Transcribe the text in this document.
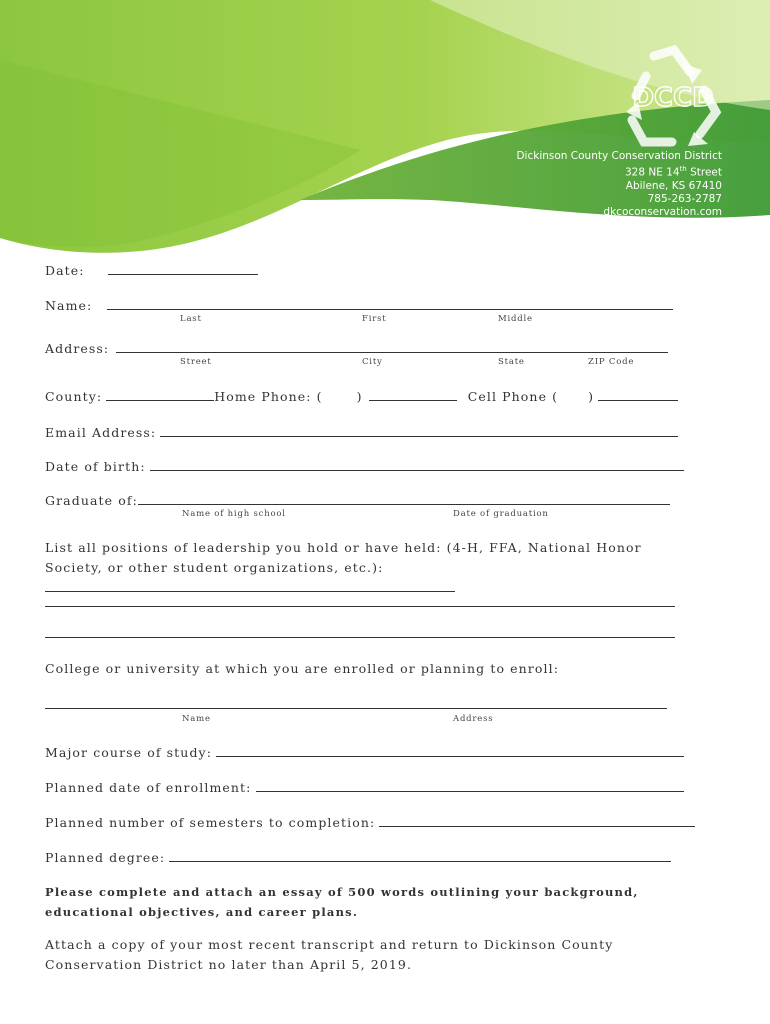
DCCD
Dickinson County Conservation District
328 NE 14th Street
Abilene, KS 67410
785-263-2787
dkcoconservation.com
Date:
Name:
Last	First	Middle
Address:
Street	City	State	ZIP Code
County:	Home Phone: (	)	Cell Phone ( )
Email Address:
Date of birth:
Graduate of:
Name of high school	Date of graduation
List all positions of leadership you hold or have held: (4-H, FFA, National Honor Society, or other student organizations, etc.):
College or university at which you are enrolled or planning to enroll:
Name	Address
Major course of study:
Planned date of enrollment:
Planned number of semesters to completion:
Planned degree:
Please complete and attach an essay of 500 words outlining your background, educational objectives, and career plans.
Attach a copy of your most recent transcript and return to Dickinson County Conservation District no later than April 5, 2019.
